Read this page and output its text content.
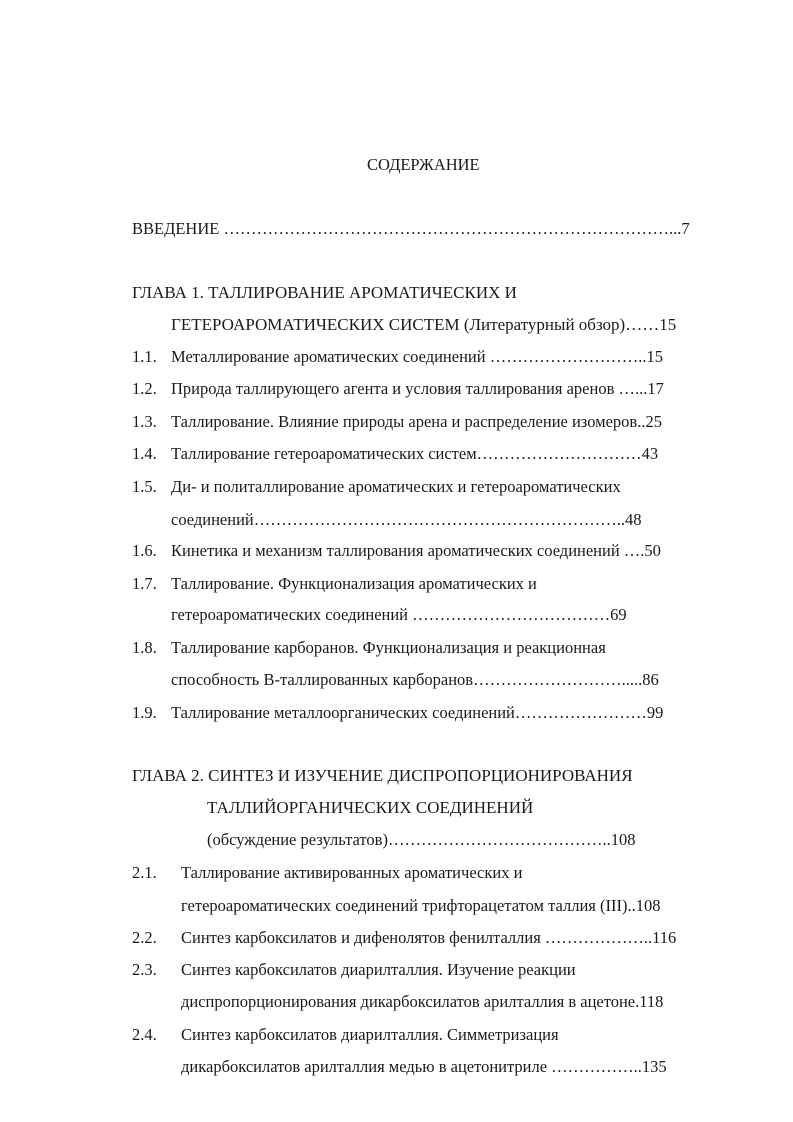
СОДЕРЖАНИЕ
ВВЕДЕНИЕ ………………………………………………………………………...7
ГЛАВА 1. ТАЛЛИРОВАНИЕ АРОМАТИЧЕСКИХ И
ГЕТЕРОАРОМАТИЧЕСКИХ СИСТЕМ (Литературный обзор)……15
1.1. Металлирование ароматических соединений ………………………..15
1.2. Природа таллирующего агента и условия таллирования аренов …...17
1.3. Таллирование. Влияние природы арена и распределение изомеров..25
1.4. Таллирование гетероароматических систем…………………………43
1.5. Ди- и политаллирование ароматических и гетероароматических
соединений…………………………………………………………..48
1.6. Кинетика и механизм таллирования ароматических соединений ….50
1.7. Таллирование. Функционализация ароматических и
гетероароматических соединений ………………………………69
1.8. Таллирование карборанов. Функционализация и реакционная
способность В-таллированных карборанов……………………….....86
1.9. Таллирование металлоорганических соединений……………………99
ГЛАВА 2. СИНТЕЗ И ИЗУЧЕНИЕ ДИСПРОПОРЦИОНИРОВАНИЯ
ТАЛЛИЙОРГАНИЧЕСКИХ СОЕДИНЕНИЙ
(обсуждение результатов)…………………………………..108
2.1. Таллирование активированных ароматических и
гетероароматических соединений трифторацетатом таллия (III)..108
2.2. Синтез карбоксилатов и дифенолятов фенилталлия ………………..116
2.3. Синтез карбоксилатов диарилталлия. Изучение реакции
диспропорционирования дикарбоксилатов арилталлия в ацетоне.118
2.4. Синтез карбоксилатов диарилталлия. Симметризация
дикарбоксилатов арилталлия медью в ацетонитриле ……………..135
